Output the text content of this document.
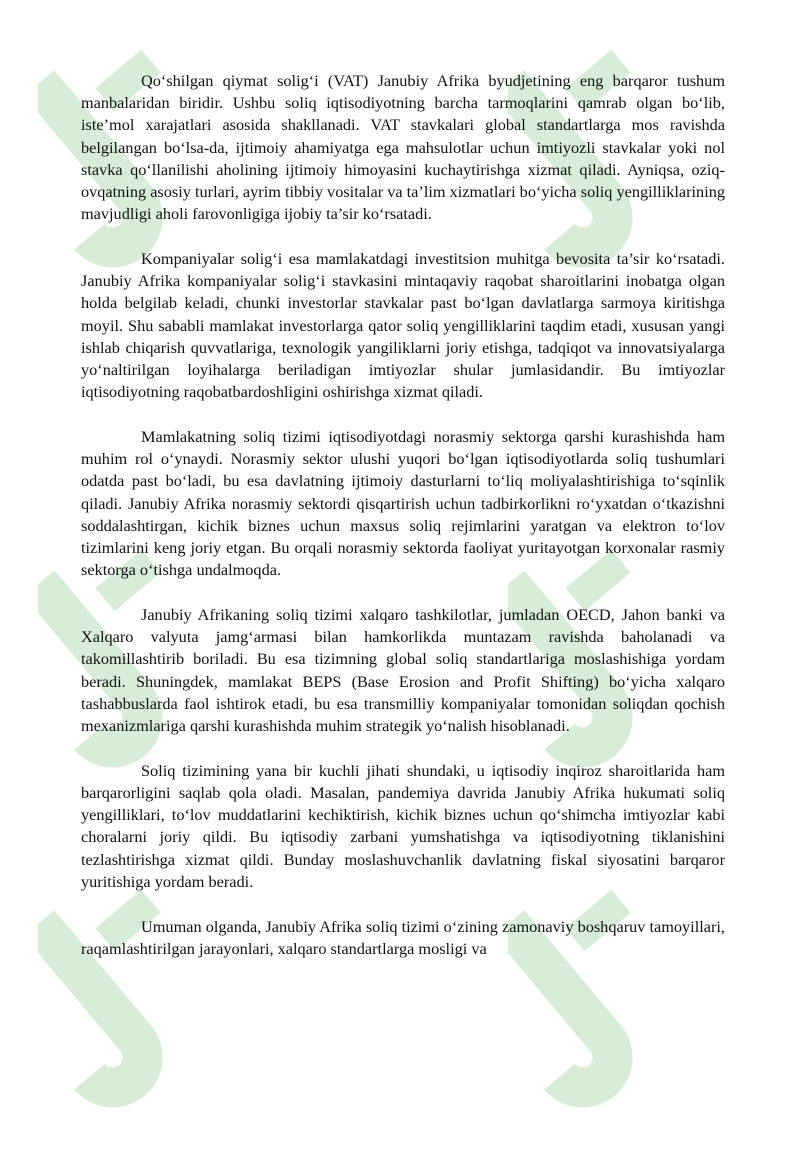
Qo‘shilgan qiymat solig‘i (VAT) Janubiy Afrika byudjetining eng barqaror tushum manbalaridan biridir. Ushbu soliq iqtisodiyotning barcha tarmoqlarini qamrab olgan bo‘lib, iste’mol xarajatlari asosida shakllanadi. VAT stavkalari global standartlarga mos ravishda belgilangan bo‘lsa-da, ijtimoiy ahamiyatga ega mahsulotlar uchun imtiyozli stavkalar yoki nol stavka qo‘llanilishi aholining ijtimoiy himoyasini kuchaytirishga xizmat qiladi. Ayniqsa, oziq-ovqatning asosiy turlari, ayrim tibbiy vositalar va ta’lim xizmatlari bo‘yicha soliq yengilliklarining mavjudligi aholi farovonligiga ijobiy ta’sir ko‘rsatadi.

Kompaniyalar solig‘i esa mamlakatdagi investitsion muhitga bevosita ta’sir ko‘rsatadi. Janubiy Afrika kompaniyalar solig‘i stavkasini mintaqaviy raqobat sharoitlarini inobatga olgan holda belgilab keladi, chunki investorlar stavkalar past bo‘lgan davlatlarga sarmoya kiritishga moyil. Shu sababli mamlakat investorlarga qator soliq yengilliklarini taqdim etadi, xususan yangi ishlab chiqarish quvvatlariga, texnologik yangiliklarni joriy etishga, tadqiqot va innovatsiyalarga yo‘naltirilgan loyihalarga beriladigan imtiyozlar shular jumlasidandir. Bu imtiyozlar iqtisodiyotning raqobatbardoshligini oshirishga xizmat qiladi.

Mamlakatning soliq tizimi iqtisodiyotdagi norasmiy sektorga qarshi kurashishda ham muhim rol o‘ynaydi. Norasmiy sektor ulushi yuqori bo‘lgan iqtisodiyotlarda soliq tushumlari odatda past bo‘ladi, bu esa davlatning ijtimoiy dasturlarni to‘liq moliyalashtirishiga to‘sqinlik qiladi. Janubiy Afrika norasmiy sektordi qisqartirish uchun tadbirkorlikni ro‘yxatdan o‘tkazishni soddalashtirgan, kichik biznes uchun maxsus soliq rejimlarini yaratgan va elektron to‘lov tizimlarini keng joriy etgan. Bu orqali norasmiy sektorda faoliyat yuritayotgan korxonalar rasmiy sektorga o‘tishga undalmoqda.

Janubiy Afrikaning soliq tizimi xalqaro tashkilotlar, jumladan OECD, Jahon banki va Xalqaro valyuta jamg‘armasi bilan hamkorlikda muntazam ravishda baholanadi va takomillashtirib boriladi. Bu esa tizimning global soliq standartlariga moslashishiga yordam beradi. Shuningdek, mamlakat BEPS (Base Erosion and Profit Shifting) bo‘yicha xalqaro tashabbuslarda faol ishtirok etadi, bu esa transmilliy kompaniyalar tomonidan soliqdan qochish mexanizmlariga qarshi kurashishda muhim strategik yo‘nalish hisoblanadi.

Soliq tizimining yana bir kuchli jihati shundaki, u iqtisodiy inqiroz sharoitlarida ham barqarorligini saqlab qola oladi. Masalan, pandemiya davrida Janubiy Afrika hukumati soliq yengilliklari, to‘lov muddatlarini kechiktirish, kichik biznes uchun qo‘shimcha imtiyozlar kabi choralarni joriy qildi. Bu iqtisodiy zarbani yumshatishga va iqtisodiyotning tiklanishini tezlashtirishga xizmat qildi. Bunday moslashuvchanlik davlatning fiskal siyosatini barqaror yuritishiga yordam beradi.

Umuman olganda, Janubiy Afrika soliq tizimi o‘zining zamonaviy boshqaruv tamoyillari, raqamlashtirilgan jarayonlari, xalqaro standartlarga mosligi va
